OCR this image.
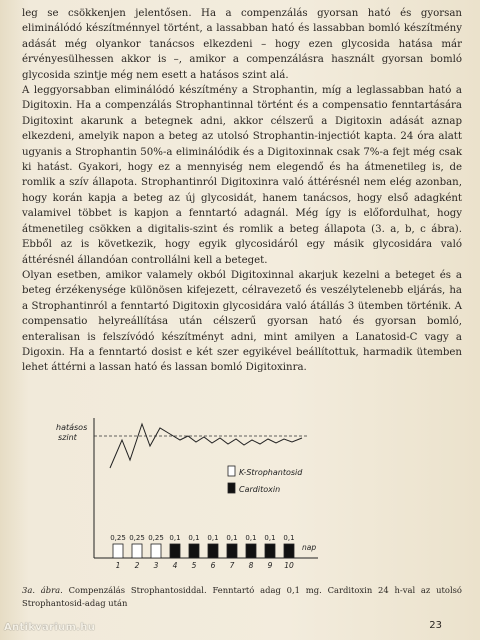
leg se csökkenjen jelentősen. Ha a compenzálás gyorsan ható és gyorsan eliminálódó készítménnyel történt, a lassabban ható és lassabban bomló készítmény adását még olyankor tanácsos elkezdeni – hogy ezen glycosida hatása már érvényesülhessen akkor is –, amikor a compenzálásra használt gyorsan bomló glycosida szintje még nem esett a hatásos szint alá.

A leggyorsabban eliminálódó készítmény a Strophantin, míg a leglassabban ható a Digitoxin. Ha a compenzálás Strophantinnal történt és a compensatio fenntartására Digitoxint akarunk a betegnek adni, akkor célszerű a Digitoxin adását aznap elkezdeni, amelyik napon a beteg az utolsó Strophantin-injectiót kapta. 24 óra alatt ugyanis a Strophantin 50%-a eliminálódik és a Digitoxinnak csak 7%-a fejt még csak ki hatást. Gyakori, hogy ez a mennyiség nem elegendő és ha átmenetileg is, de romlik a szív állapota. Strophantinról Digitoxinra való áttérésnél nem elég azonban, hogy korán kapja a beteg az új glycosidát, hanem tanácsos, hogy első adagként valamivel többet is kapjon a fenntartó adagnál. Még így is előfordulhat, hogy átmenetileg csökken a digitalis-szint és romlik a beteg állapota (3. a, b, c ábra). Ebből az is következik, hogy egyik glycosidáról egy másik glycosidára való áttérésnél állandóan controllálni kell a beteget.

Olyan esetben, amikor valamely okból Digitoxinnal akarjuk kezelni a beteget és a beteg érzékenysége különösen kifejezett, célravezető és veszélytelenebb eljárás, ha a Strophantinról a fenntartó Digitoxin glycosidára való átállás 3 ütemben történik. A compensatio helyreállítása után célszerű gyorsan ható és gyorsan bomló, enteralisan is felszívódó készítményt adni, mint amilyen a Lanatosid-C vagy a Digoxin. Ha a fenntartó dosist e két szer egyikével beállítottuk, harmadik ütemben lehet áttérni a lassan ható és lassan bomló Digitoxinra.

hatásos szint
K-Strophantosid
Carditoxin
0,25
1
0,25
2
0,25
3
0,1
4
0,1
5
0,1
6
0,1
7
0,1
8
0,1
9
0,1
10
nap
3a. ábra. Compenzálás Strophantosiddal. Fenntartó adag 0,1 mg. Carditoxin 24 h-val az utolsó Strophantosid-adag után
23
Antikvarium.hu
